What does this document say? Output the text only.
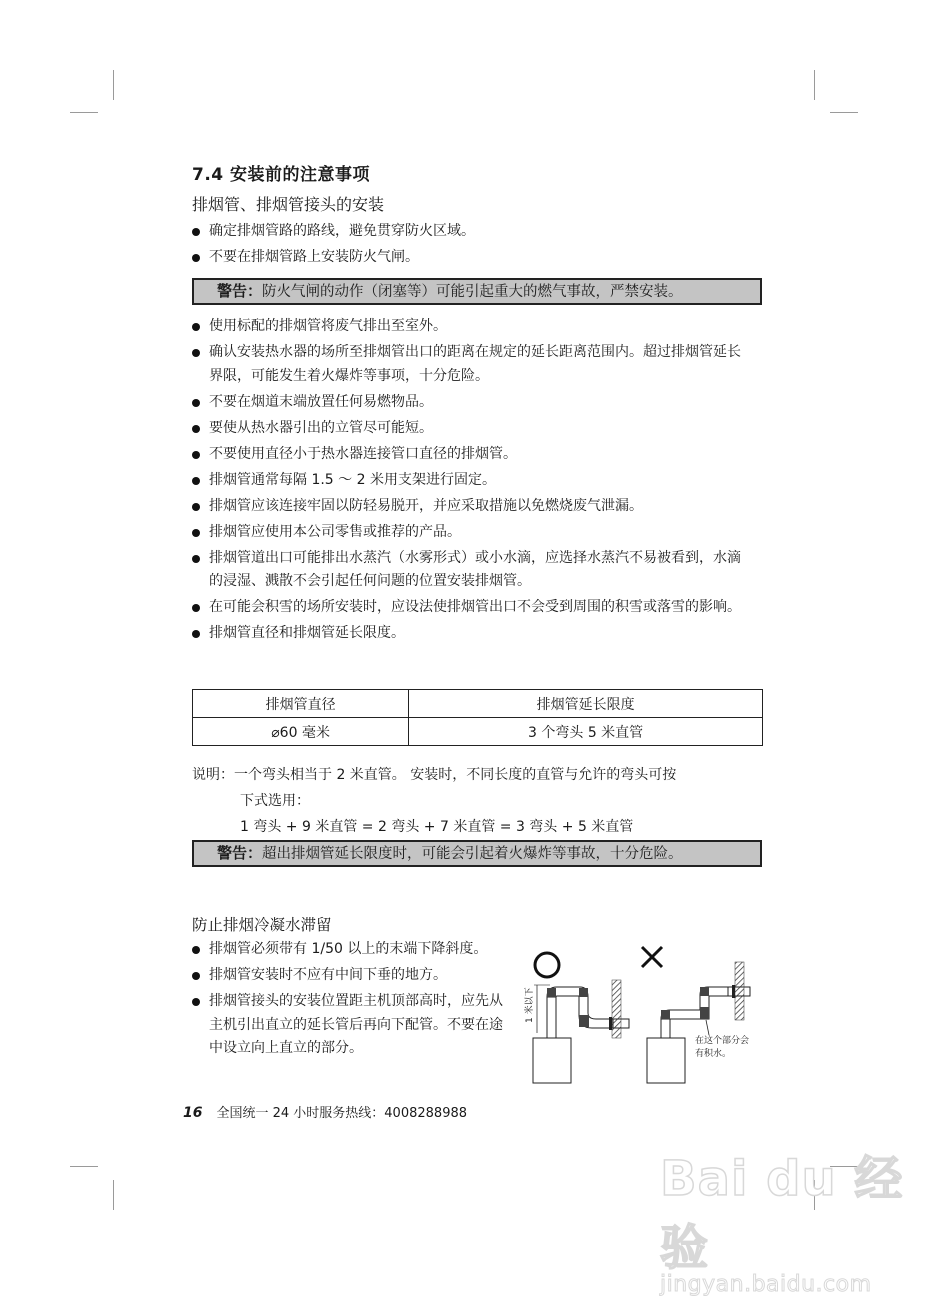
7.4 安装前的注意事项
排烟管、排烟管接头的安装
确定排烟管路的路线，避免贯穿防火区域。
不要在排烟管路上安装防火气闸。
警告：防火气闸的动作（闭塞等）可能引起重大的燃气事故，严禁安装。
使用标配的排烟管将废气排出至室外。
确认安装热水器的场所至排烟管出口的距离在规定的延长距离范围内。超过排烟管延长界限，可能发生着火爆炸等事项，十分危险。
不要在烟道末端放置任何易燃物品。
要使从热水器引出的立管尽可能短。
不要使用直径小于热水器连接管口直径的排烟管。
排烟管通常每隔 1.5 ～ 2 米用支架进行固定。
排烟管应该连接牢固以防轻易脱开，并应采取措施以免燃烧废气泄漏。
排烟管应使用本公司零售或推荐的产品。
排烟管道出口可能排出水蒸汽（水雾形式）或小水滴，应选择水蒸汽不易被看到，水滴的浸湿、溅散不会引起任何问题的位置安装排烟管。
在可能会积雪的场所安装时，应设法使排烟管出口不会受到周围的积雪或落雪的影响。
排烟管直径和排烟管延长限度。
排烟管直径	排烟管延长限度
⌀60 毫米	3 个弯头 5 米直管
说明：一个弯头相当于 2 米直管。 安装时，不同长度的直管与允许的弯头可按
下式选用：
1 弯头 + 9 米直管 = 2 弯头 + 7 米直管 = 3 弯头 + 5 米直管
警告：超出排烟管延长限度时，可能会引起着火爆炸等事故，十分危险。
防止排烟冷凝水滞留
排烟管必须带有 1/50 以上的末端下降斜度。
排烟管安装时不应有中间下垂的地方。
排烟管接头的安装位置距主机顶部高时，应先从主机引出直立的延长管后再向下配管。不要在途中设立向上直立的部分。
1 米以下
在这个部分会
有积水。
16 全国统一 24 小时服务热线：4008288988
Bai du 经验
jingyan.baidu.com
